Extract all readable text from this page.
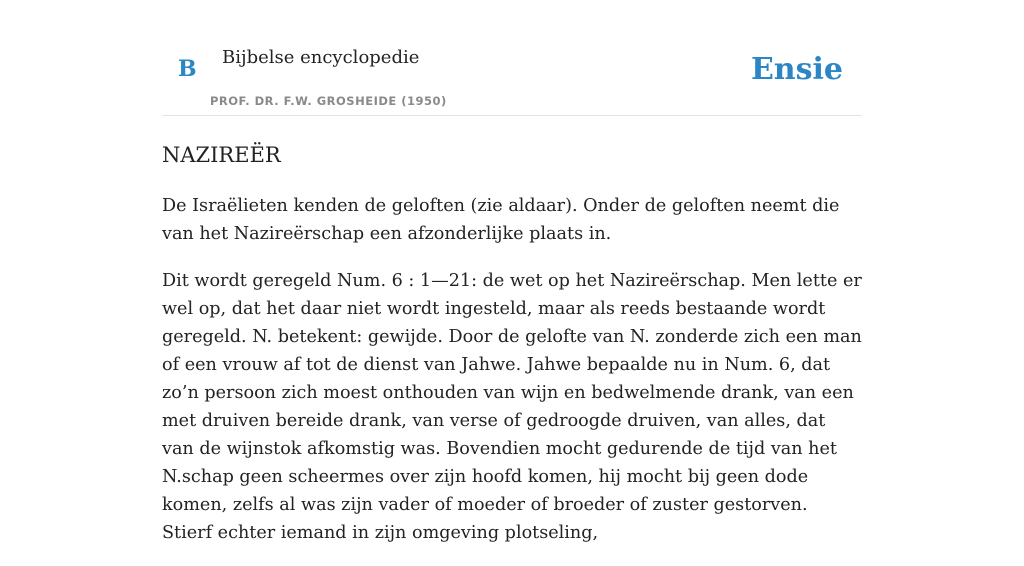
B Bijbelse encyclopedie
PROF. DR. F.W. GROSHEIDE (1950)
Ensie
NAZIREËR

De Israëlieten kenden de geloften (zie aldaar). Onder de geloften neemt die van het Nazireërschap een afzonderlijke plaats in.

Dit wordt geregeld Num. 6 : 1—21: de wet op het Nazireërschap. Men lette er wel op, dat het daar niet wordt ingesteld, maar als reeds bestaande wordt geregeld. N. betekent: gewijde. Door de gelofte van N. zonderde zich een man of een vrouw af tot de dienst van Jahwe. Jahwe bepaalde nu in Num. 6, dat zo’n persoon zich moest onthouden van wijn en bedwelmende drank, van een met druiven bereide drank, van verse of gedroogde druiven, van alles, dat van de wijnstok afkomstig was. Bovendien mocht gedurende de tijd van het N.schap geen scheermes over zijn hoofd komen, hij mocht bij geen dode komen, zelfs al was zijn vader of moeder of broeder of zuster gestorven. Stierf echter iemand in zijn omgeving plotseling,
